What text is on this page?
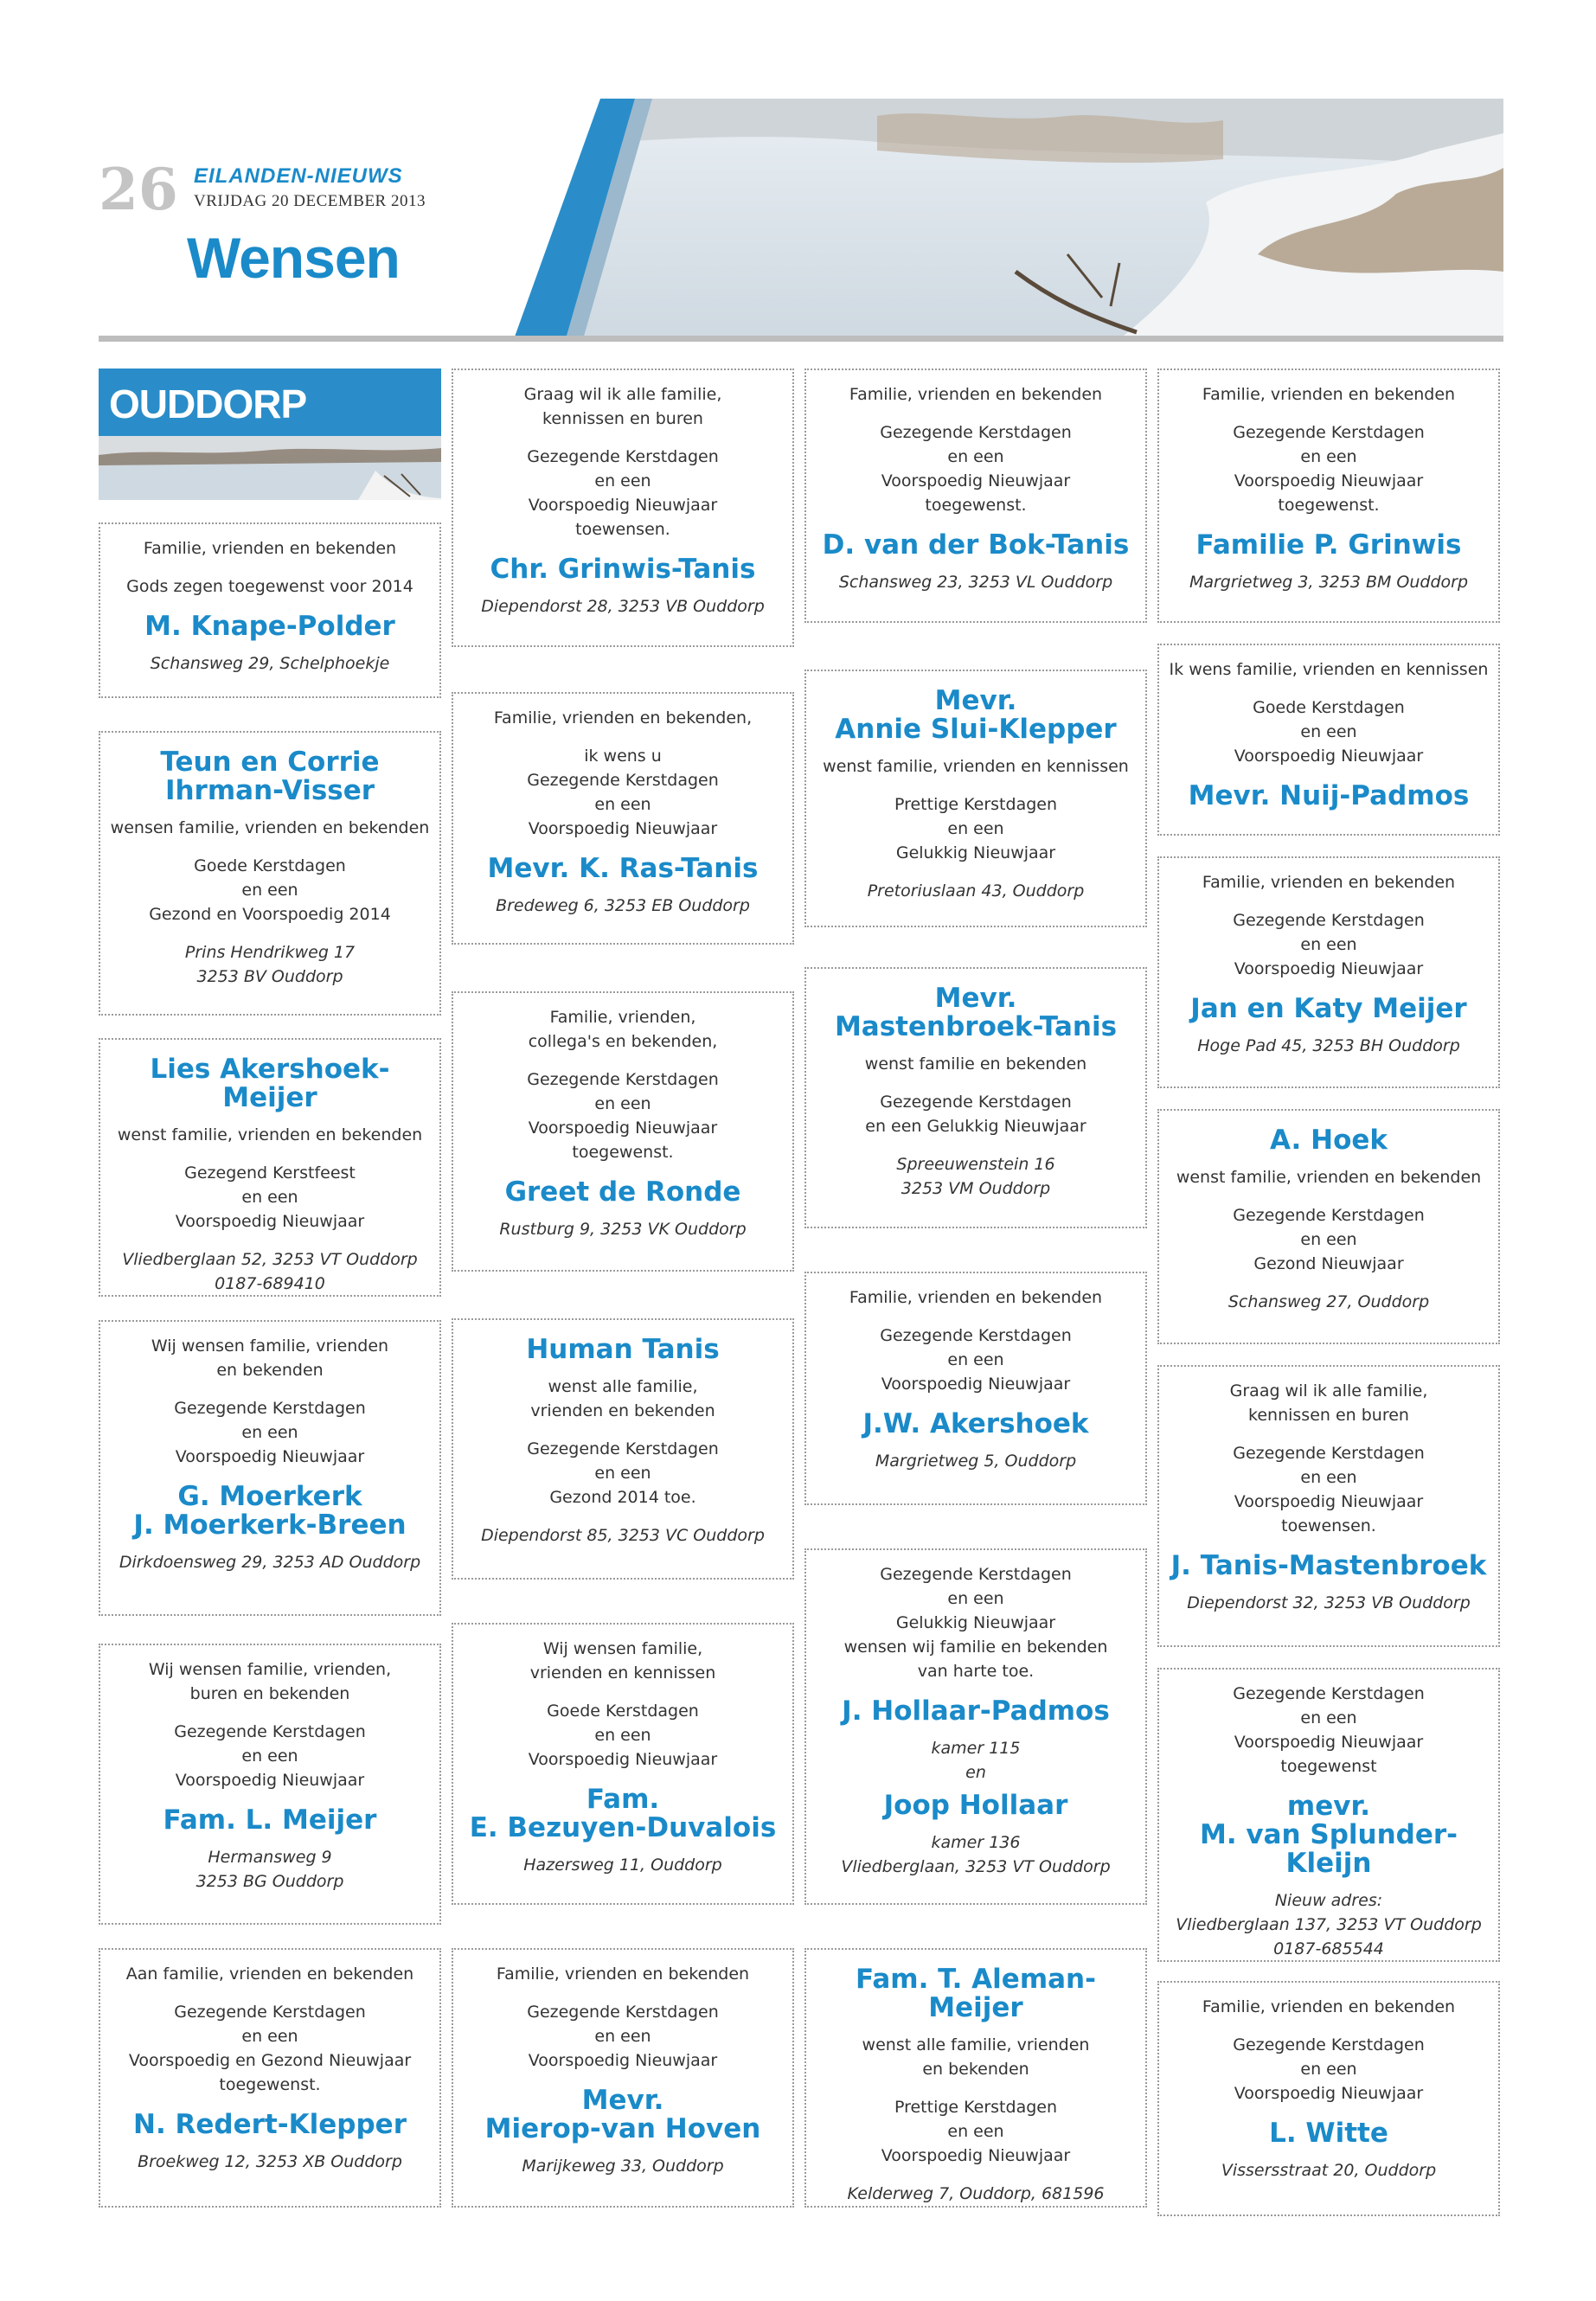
26 EILANDEN-NIEUWS
VRIJDAG 20 DECEMBER 2013
Wensen
OUDDORP
Familie, vrienden en bekenden
Gods zegen toegewenst voor 2014
M. Knape-Polder
Schansweg 29, Schelphoekje
Teun en Corrie
Ihrman-Visser
wensen familie, vrienden en bekenden
Goede Kerstdagen
en een
Gezond en Voorspoedig 2014
Prins Hendrikweg 17
3253 BV Ouddorp
Lies Akershoek-Meijer
wenst familie, vrienden en bekenden
Gezegend Kerstfeest
en een
Voorspoedig Nieuwjaar
Vliedberglaan 52, 3253 VT Ouddorp
0187-689410
Wij wensen familie, vrienden
en bekenden
Gezegende Kerstdagen
en een
Voorspoedig Nieuwjaar
G. Moerkerk
J. Moerkerk-Breen
Dirkdoensweg 29, 3253 AD Ouddorp
Wij wensen familie, vrienden,
buren en bekenden
Gezegende Kerstdagen
en een
Voorspoedig Nieuwjaar
Fam. L. Meijer
Hermansweg 9
3253 BG Ouddorp
Aan familie, vrienden en bekenden
Gezegende Kerstdagen
en een
Voorspoedig en Gezond Nieuwjaar
toegewenst.
N. Redert-Klepper
Broekweg 12, 3253 XB Ouddorp
Graag wil ik alle familie,
kennissen en buren
Gezegende Kerstdagen
en een
Voorspoedig Nieuwjaar
toewensen.
Chr. Grinwis-Tanis
Diependorst 28, 3253 VB Ouddorp
Familie, vrienden en bekenden,
ik wens u
Gezegende Kerstdagen
en een
Voorspoedig Nieuwjaar
Mevr. K. Ras-Tanis
Bredeweg 6, 3253 EB Ouddorp
Familie, vrienden,
collega's en bekenden,
Gezegende Kerstdagen
en een
Voorspoedig Nieuwjaar
toegewenst.
Greet de Ronde
Rustburg 9, 3253 VK Ouddorp
Human Tanis
wenst alle familie,
vrienden en bekenden
Gezegende Kerstdagen
en een
Gezond 2014 toe.
Diependorst 85, 3253 VC Ouddorp
Wij wensen familie,
vrienden en kennissen
Goede Kerstdagen
en een
Voorspoedig Nieuwjaar
Fam.
E. Bezuyen-Duvalois
Hazersweg 11, Ouddorp
Familie, vrienden en bekenden
Gezegende Kerstdagen
en een
Voorspoedig Nieuwjaar
Mevr.
Mierop-van Hoven
Marijkeweg 33, Ouddorp
Familie, vrienden en bekenden
Gezegende Kerstdagen
en een
Voorspoedig Nieuwjaar
toegewenst.
D. van der Bok-Tanis
Schansweg 23, 3253 VL Ouddorp
Mevr.
Annie Slui-Klepper
wenst familie, vrienden en kennissen
Prettige Kerstdagen
en een
Gelukkig Nieuwjaar
Pretoriuslaan 43, Ouddorp
Mevr.
Mastenbroek-Tanis
wenst familie en bekenden
Gezegende Kerstdagen
en een Gelukkig Nieuwjaar
Spreeuwenstein 16
3253 VM Ouddorp
Familie, vrienden en bekenden
Gezegende Kerstdagen
en een
Voorspoedig Nieuwjaar
J.W. Akershoek
Margrietweg 5, Ouddorp
Gezegende Kerstdagen
en een
Gelukkig Nieuwjaar
wensen wij familie en bekenden
van harte toe.
J. Hollaar-Padmos
kamer 115
en
Joop Hollaar
kamer 136
Vliedberglaan, 3253 VT Ouddorp
Fam. T. Aleman-Meijer
wenst alle familie, vrienden
en bekenden
Prettige Kerstdagen
en een
Voorspoedig Nieuwjaar
Kelderweg 7, Ouddorp, 681596
Familie, vrienden en bekenden
Gezegende Kerstdagen
en een
Voorspoedig Nieuwjaar
toegewenst.
Familie P. Grinwis
Margrietweg 3, 3253 BM Ouddorp
Ik wens familie, vrienden en kennissen
Goede Kerstdagen
en een
Voorspoedig Nieuwjaar
Mevr. Nuij-Padmos
Familie, vrienden en bekenden
Gezegende Kerstdagen
en een
Voorspoedig Nieuwjaar
Jan en Katy Meijer
Hoge Pad 45, 3253 BH Ouddorp
A. Hoek
wenst familie, vrienden en bekenden
Gezegende Kerstdagen
en een
Gezond Nieuwjaar
Schansweg 27, Ouddorp
Graag wil ik alle familie,
kennissen en buren
Gezegende Kerstdagen
en een
Voorspoedig Nieuwjaar
toewensen.
J. Tanis-Mastenbroek
Diependorst 32, 3253 VB Ouddorp
Gezegende Kerstdagen
en een
Voorspoedig Nieuwjaar
toegewenst
mevr.
M. van Splunder-Kleijn
Nieuw adres:
Vliedberglaan 137, 3253 VT Ouddorp
0187-685544
Familie, vrienden en bekenden
Gezegende Kerstdagen
en een
Voorspoedig Nieuwjaar
L. Witte
Vissersstraat 20, Ouddorp
